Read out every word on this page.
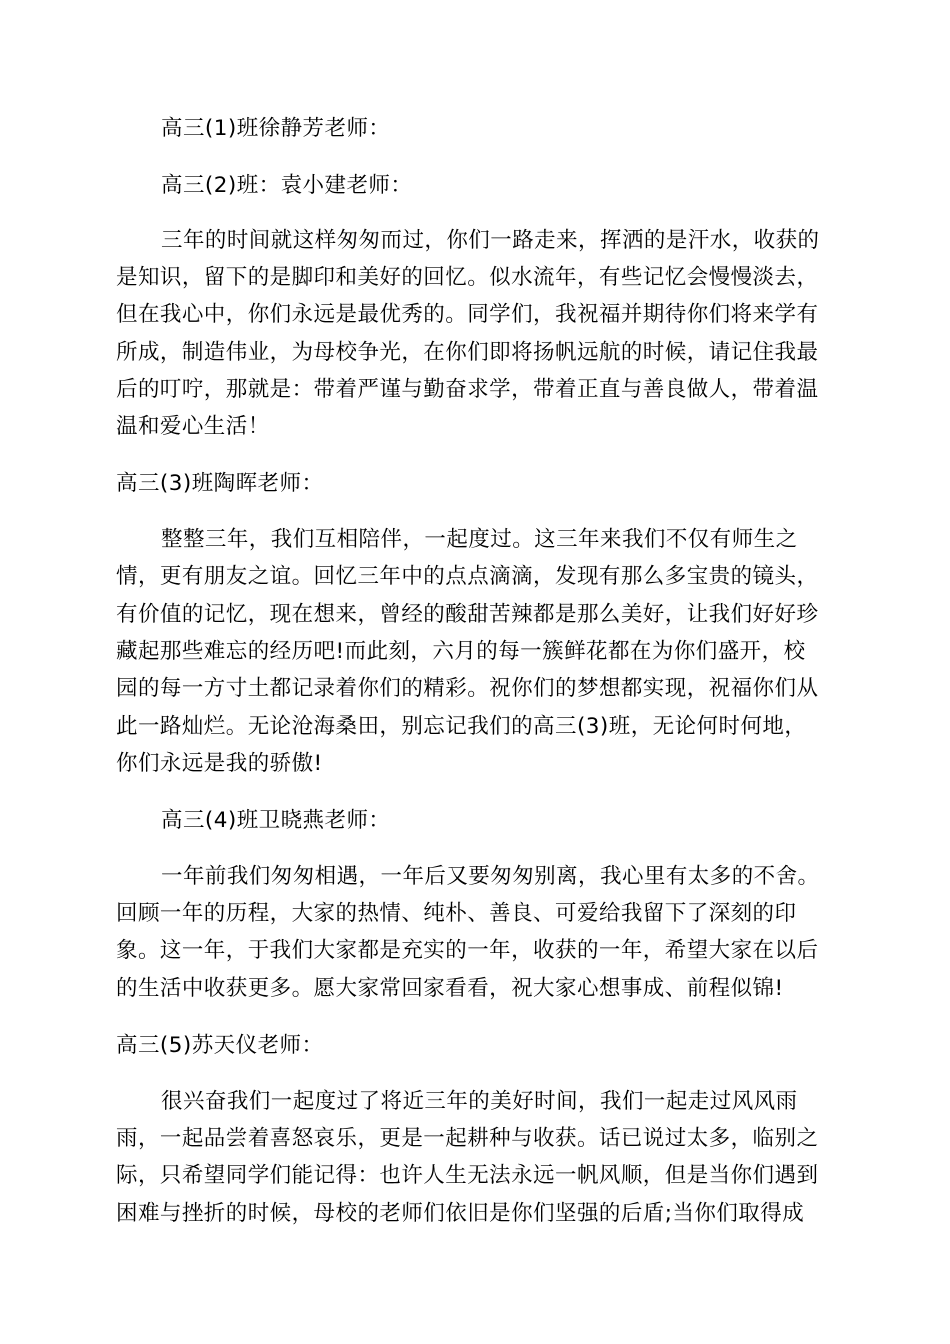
高三(1)班徐静芳老师：
高三(2)班：袁小建老师：
三年的时间就这样匆匆而过，你们一路走来，挥洒的是汗水，收获的
是知识，留下的是脚印和美好的回忆。似水流年，有些记忆会慢慢淡去，
但在我心中，你们永远是最优秀的。同学们，我祝福并期待你们将来学有
所成，制造伟业，为母校争光，在你们即将扬帆远航的时候，请记住我最
后的叮咛，那就是：带着严谨与勤奋求学，带着正直与善良做人，带着温
温和爱心生活！
高三(3)班陶晖老师：
整整三年，我们互相陪伴，一起度过。这三年来我们不仅有师生之
情，更有朋友之谊。回忆三年中的点点滴滴，发现有那么多宝贵的镜头，
有价值的记忆，现在想来，曾经的酸甜苦辣都是那么美好，让我们好好珍
藏起那些难忘的经历吧!而此刻，六月的每一簇鲜花都在为你们盛开，校
园的每一方寸土都记录着你们的精彩。祝你们的梦想都实现，祝福你们从
此一路灿烂。无论沧海桑田，别忘记我们的高三(3)班，无论何时何地，
你们永远是我的骄傲!
高三(4)班卫晓燕老师：
一年前我们匆匆相遇，一年后又要匆匆别离，我心里有太多的不舍。
回顾一年的历程，大家的热情、纯朴、善良、可爱给我留下了深刻的印
象。这一年，于我们大家都是充实的一年，收获的一年，希望大家在以后
的生活中收获更多。愿大家常回家看看，祝大家心想事成、前程似锦!
高三(5)苏天仪老师：
很兴奋我们一起度过了将近三年的美好时间，我们一起走过风风雨
雨，一起品尝着喜怒哀乐，更是一起耕种与收获。话已说过太多，临别之
际，只希望同学们能记得：也许人生无法永远一帆风顺，但是当你们遇到
困难与挫折的时候，母校的老师们依旧是你们坚强的后盾;当你们取得成
